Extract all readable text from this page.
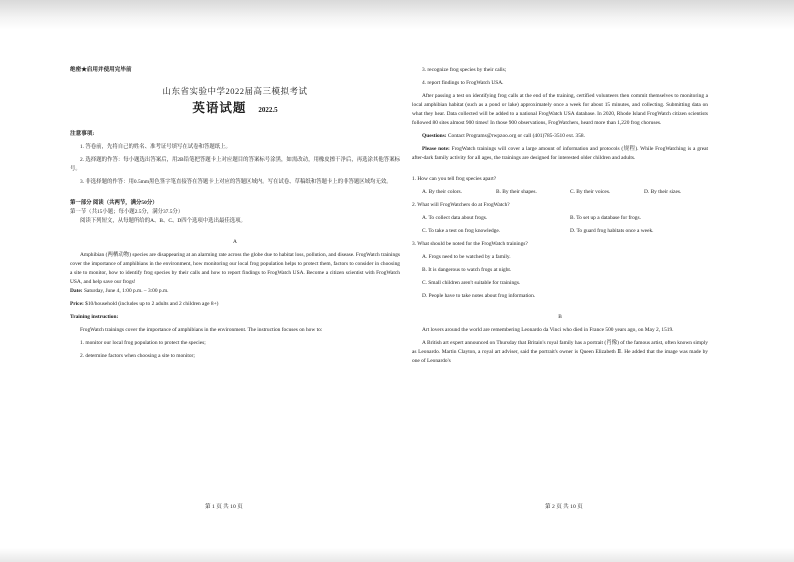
绝密★启用并使用完毕前
山东省实验中学2022届高三模拟考试
英语试题 2022.5
注意事项:
1. 答卷前，先将自己的姓名、准考证号填写在试卷和答题纸上。
2. 选择题的作答：每小题选出答案后，用2B铅笔把答题卡上对应题目的答案标号涂黑，如需改动，用橡皮擦干净后，再选涂其他答案标号。
3. 非选择题的作答：用0.5mm黑色签字笔直接答在答题卡上对应的答题区域内。写在试卷、草稿纸和答题卡上的非答题区域均无效。
第一部分 阅读（共两节，满分50分）
第一节（共15小题；每小题2.5分，满分37.5分）
阅读下列短文，从每题所给的A、B、C、D四个选项中选出最佳选项。
A
Amphibian (两栖动物) species are disappearing at an alarming rate across the globe due to habitat loss, pollution, and disease. FrogWatch trainings cover the importance of amphibians in the environment, how monitoring our local frog population helps to protect them, factors to consider in choosing a site to monitor, how to identify frog species by their calls and how to report findings to FrogWatch USA. Become a citizen scientist with FrogWatch USA, and help save our frogs!
Date: Saturday, June 4, 1:00 p.m. – 3:00 p.m.
Price: $10/household (includes up to 2 adults and 2 children age 8+)
Training instruction:
FrogWatch trainings cover the importance of amphibians in the environment. The instruction focuses on how to:
1. monitor our local frog population to protect the species;
2. determine factors when choosing a site to monitor;
第 1 页 共 10 页
3. recognize frog species by their calls;
4. report findings to FrogWatch USA.
After passing a test on identifying frog calls at the end of the training, certified volunteers then commit themselves to monitoring a local amphibian habitat (such as a pond or lake) approximately once a week for about 15 minutes, and collecting. Submitting data on what they hear. Data collected will be added to a national FrogWatch USA database. In 2020, Rhode Island FrogWatch citizen scientists followed 80 sites almost 900 times! In those 900 observations, FrogWatchers, heard more than 1,220 frog choruses.
Questions: Contact Programs@rwpzoo.org or call (401)785-3510 ext. 358.
Please note: FrogWatch trainings will cover a large amount of information and protocols (规程). While FrogWatching is a great after-dark family activity for all ages, the trainings are designed for interested older children and adults.
1. How can you tell frog species apart?
A. By their colors.	B. By their shapes.	C. By their voices.	D. By their sizes.
2. What will FrogWatchers do at FrogWatch?
A. To collect data about frogs.	B. To set up a database for frogs.
C. To take a test on frog knowledge.	D. To guard frog habitats once a week.
3. What should be noted for the FrogWatch trainings?
A. Frogs need to be watched by a family.
B. It is dangerous to watch frogs at night.
C. Small children aren't suitable for trainings.
D. People have to take notes about frog information.
B
Art lovers around the world are remembering Leonardo da Vinci who died in France 500 years ago, on May 2, 1519.
A British art expert announced on Thursday that Britain's royal family has a portrait (肖像) of the famous artist, often known simply as Leonardo. Martin Clayton, a royal art adviser, said the portrait's owner is Queen Elizabeth Ⅱ. He added that the image was made by one of Leonardo's
第 2 页 共 10 页
